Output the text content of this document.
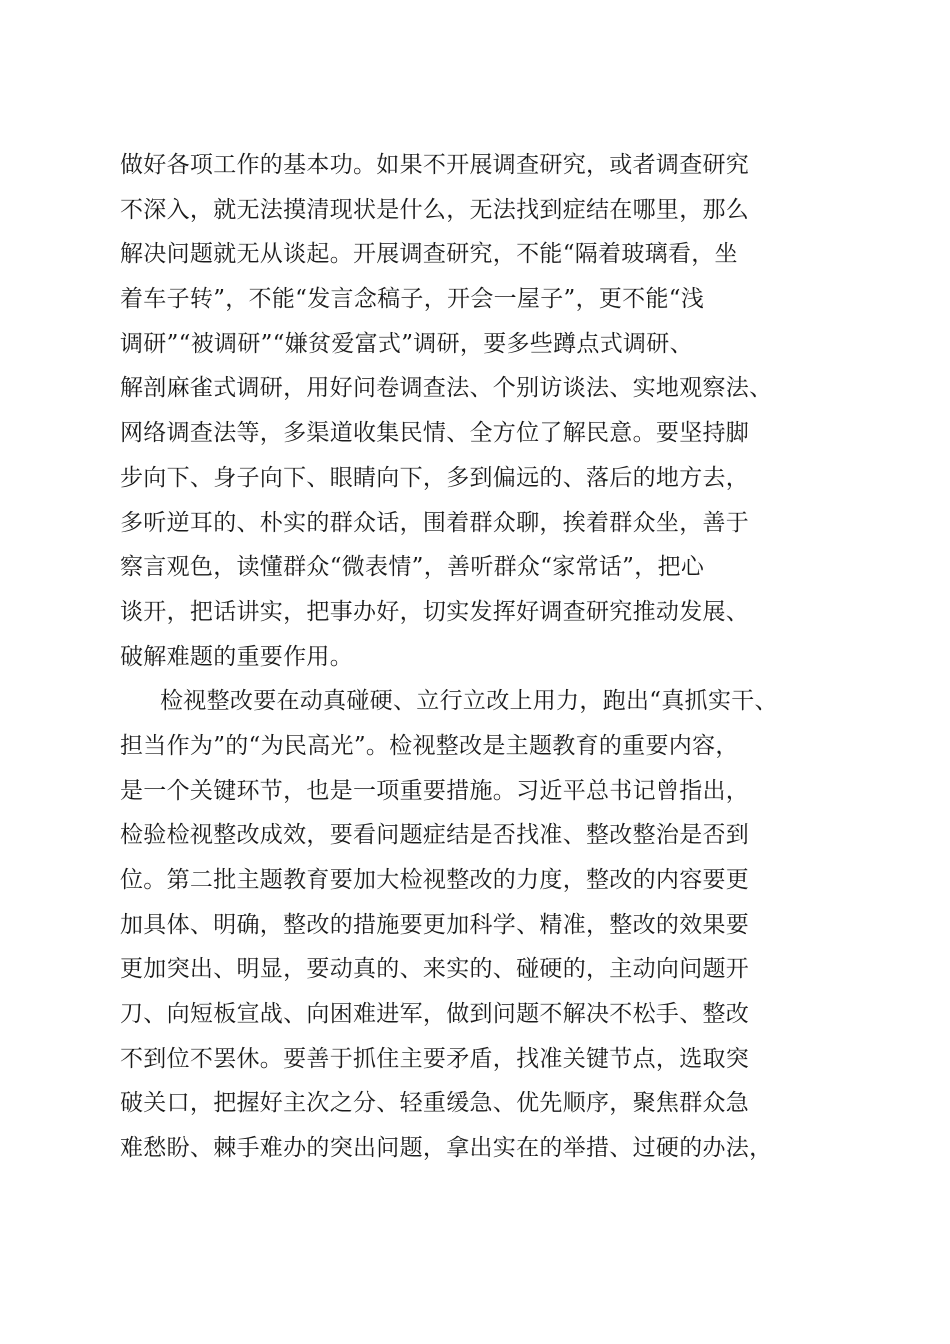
做好各项工作的基本功。如果不开展调查研究，或者调查研究
不深入，就无法摸清现状是什么，无法找到症结在哪里，那么
解决问题就无从谈起。开展调查研究，不能“隔着玻璃看，坐
着车子转”，不能“发言念稿子，开会一屋子”，更不能“浅
调研”“被调研”“嫌贫爱富式”调研，要多些蹲点式调研、
解剖麻雀式调研，用好问卷调查法、个别访谈法、实地观察法、
网络调查法等，多渠道收集民情、全方位了解民意。要坚持脚
步向下、身子向下、眼睛向下，多到偏远的、落后的地方去，
多听逆耳的、朴实的群众话，围着群众聊，挨着群众坐，善于
察言观色，读懂群众“微表情”，善听群众“家常话”，把心
谈开，把话讲实，把事办好，切实发挥好调查研究推动发展、
破解难题的重要作用。
检视整改要在动真碰硬、立行立改上用力，跑出“真抓实干、
担当作为”的“为民高光”。检视整改是主题教育的重要内容，
是一个关键环节，也是一项重要措施。习近平总书记曾指出，
检验检视整改成效，要看问题症结是否找准、整改整治是否到
位。第二批主题教育要加大检视整改的力度，整改的内容要更
加具体、明确，整改的措施要更加科学、精准，整改的效果要
更加突出、明显，要动真的、来实的、碰硬的，主动向问题开
刀、向短板宣战、向困难进军，做到问题不解决不松手、整改
不到位不罢休。要善于抓住主要矛盾，找准关键节点，选取突
破关口，把握好主次之分、轻重缓急、优先顺序，聚焦群众急
难愁盼、棘手难办的突出问题，拿出实在的举措、过硬的办法，
